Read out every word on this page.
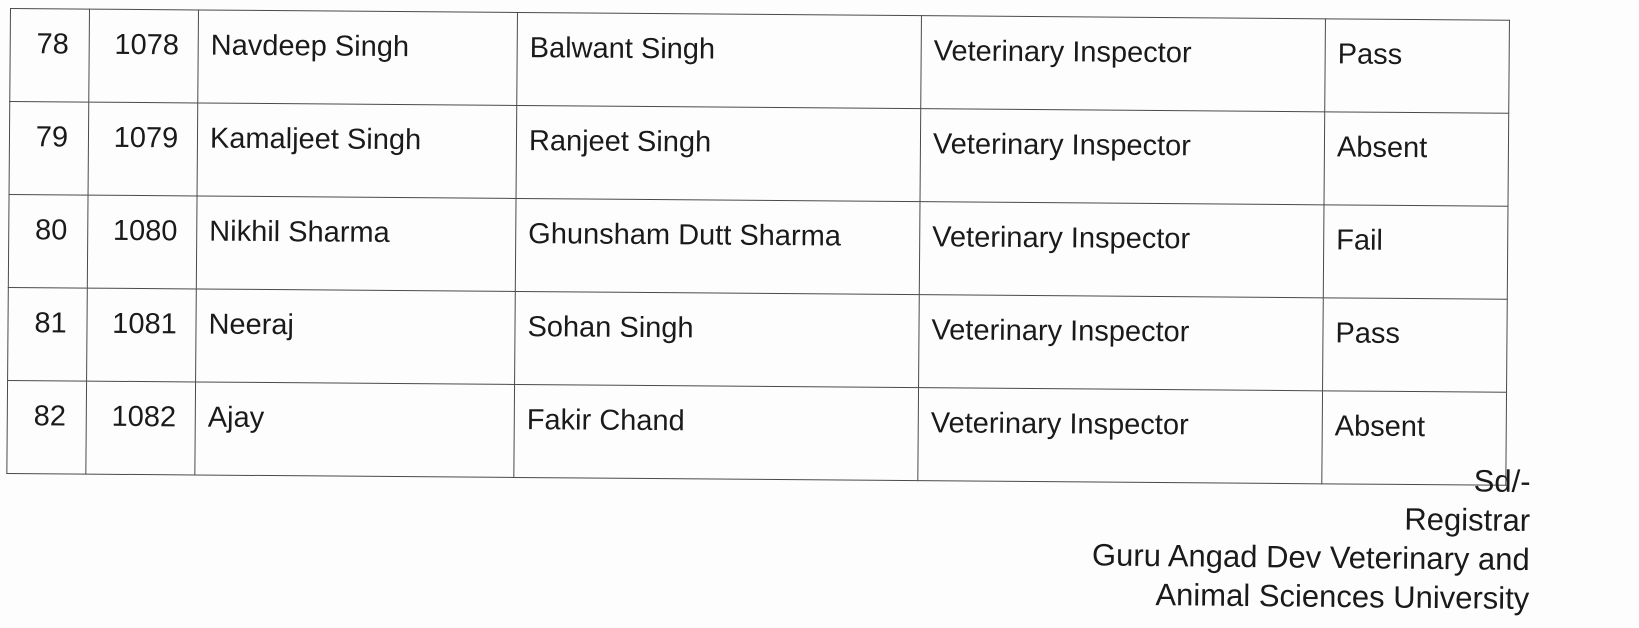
78	1078	Navdeep Singh	Balwant Singh	Veterinary Inspector	Pass
79	1079	Kamaljeet Singh	Ranjeet Singh	Veterinary Inspector	Absent
80	1080	Nikhil Sharma	Ghunsham Dutt Sharma	Veterinary Inspector	Fail
81	1081	Neeraj	Sohan Singh	Veterinary Inspector	Pass
82	1082	Ajay	Fakir Chand	Veterinary Inspector	Absent
Sd/-
Registrar
Guru Angad Dev Veterinary and
Animal Sciences University
